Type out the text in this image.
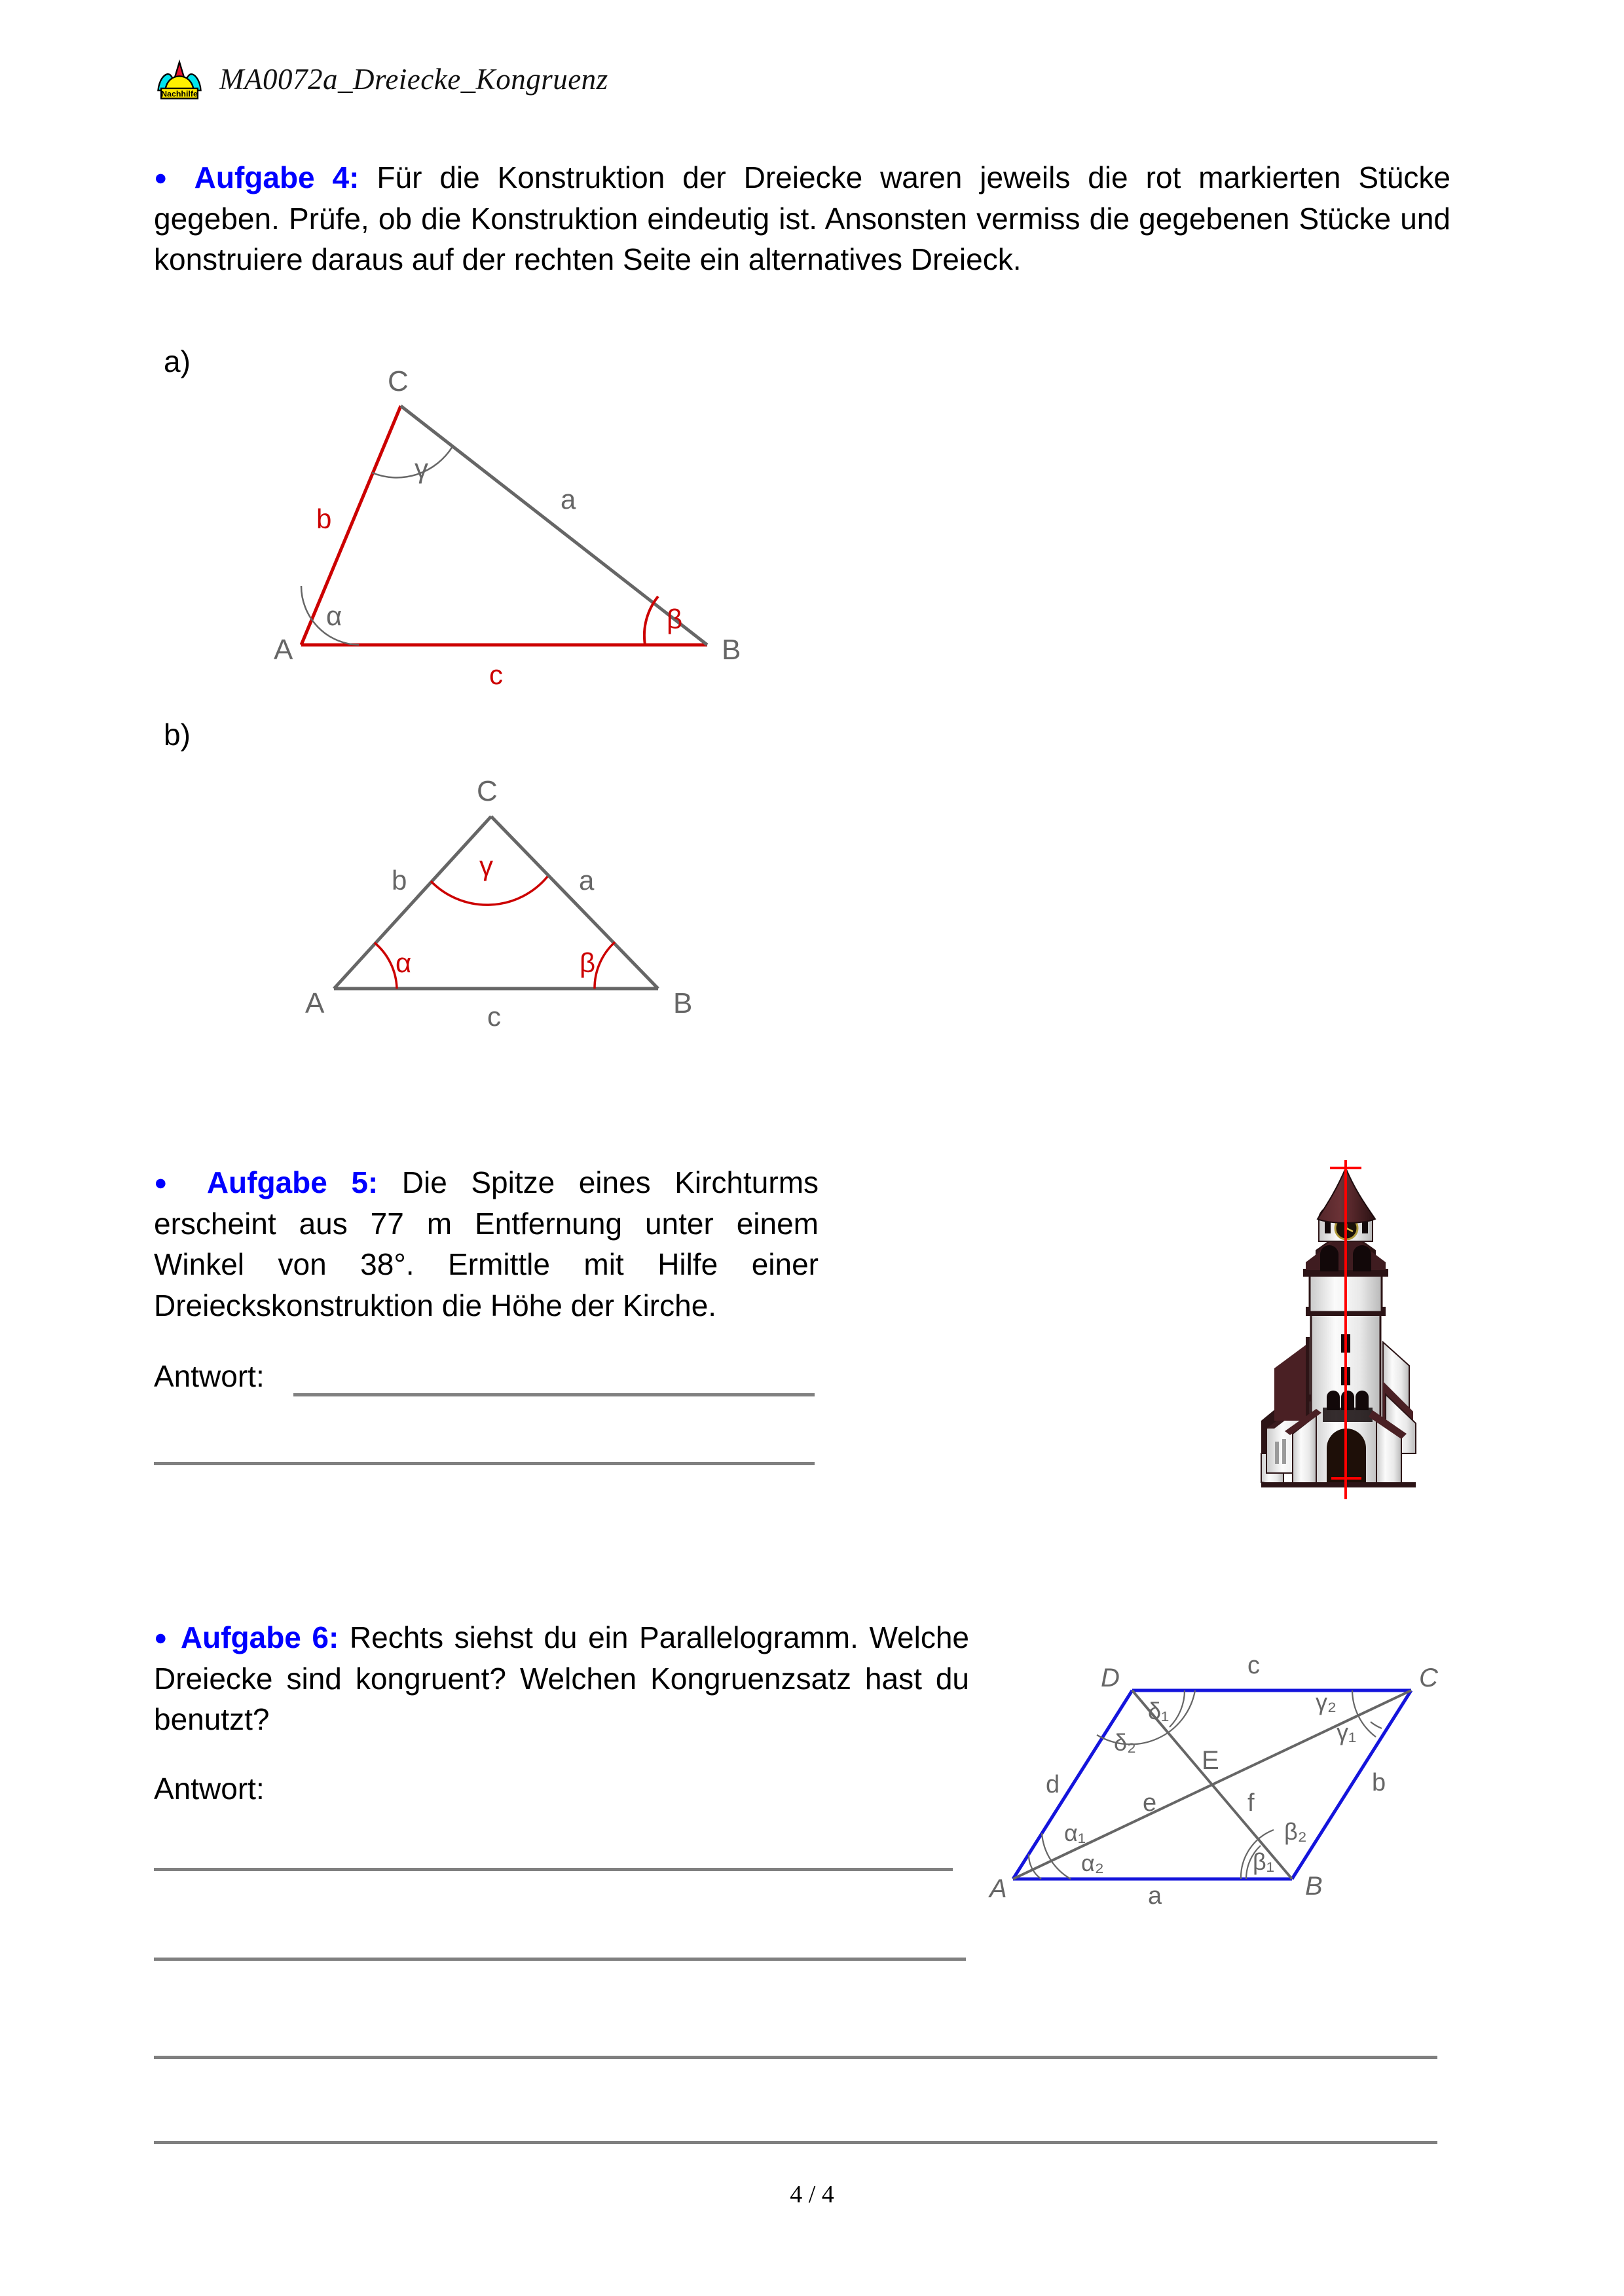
Nachhilfe MA0072a_Dreiecke_Kongruenz
● Aufgabe 4: Für die Konstruktion der Dreiecke waren jeweils die rot markierten Stücke gegeben. Prüfe, ob die Konstruktion eindeutig ist. Ansonsten vermiss die gegebenen Stücke und konstruiere daraus auf der rechten Seite ein alternatives Dreieck.
a)
A	B
C
c
b
a
α
γ
β
b)
A	B
C
c
b	a
α	β
γ
● Aufgabe 5: Die Spitze eines Kirchturms erscheint aus 77 m Entfernung unter einem Winkel von 38°. Ermittle mit Hilfe einer Dreieckskonstruktion die Höhe der Kirche.
Antwort:
● Aufgabe 6: Rechts siehst du ein Parallelogramm. Welche Dreiecke sind kongruent? Welchen Kongruenzsatz hast du benutzt?
Antwort:
A	B
C
D
E
a
b
c
d
e	f
α₁
α₂	β₁
β₂
γ₁
γ₂
δ₁
δ₂
4 / 4
